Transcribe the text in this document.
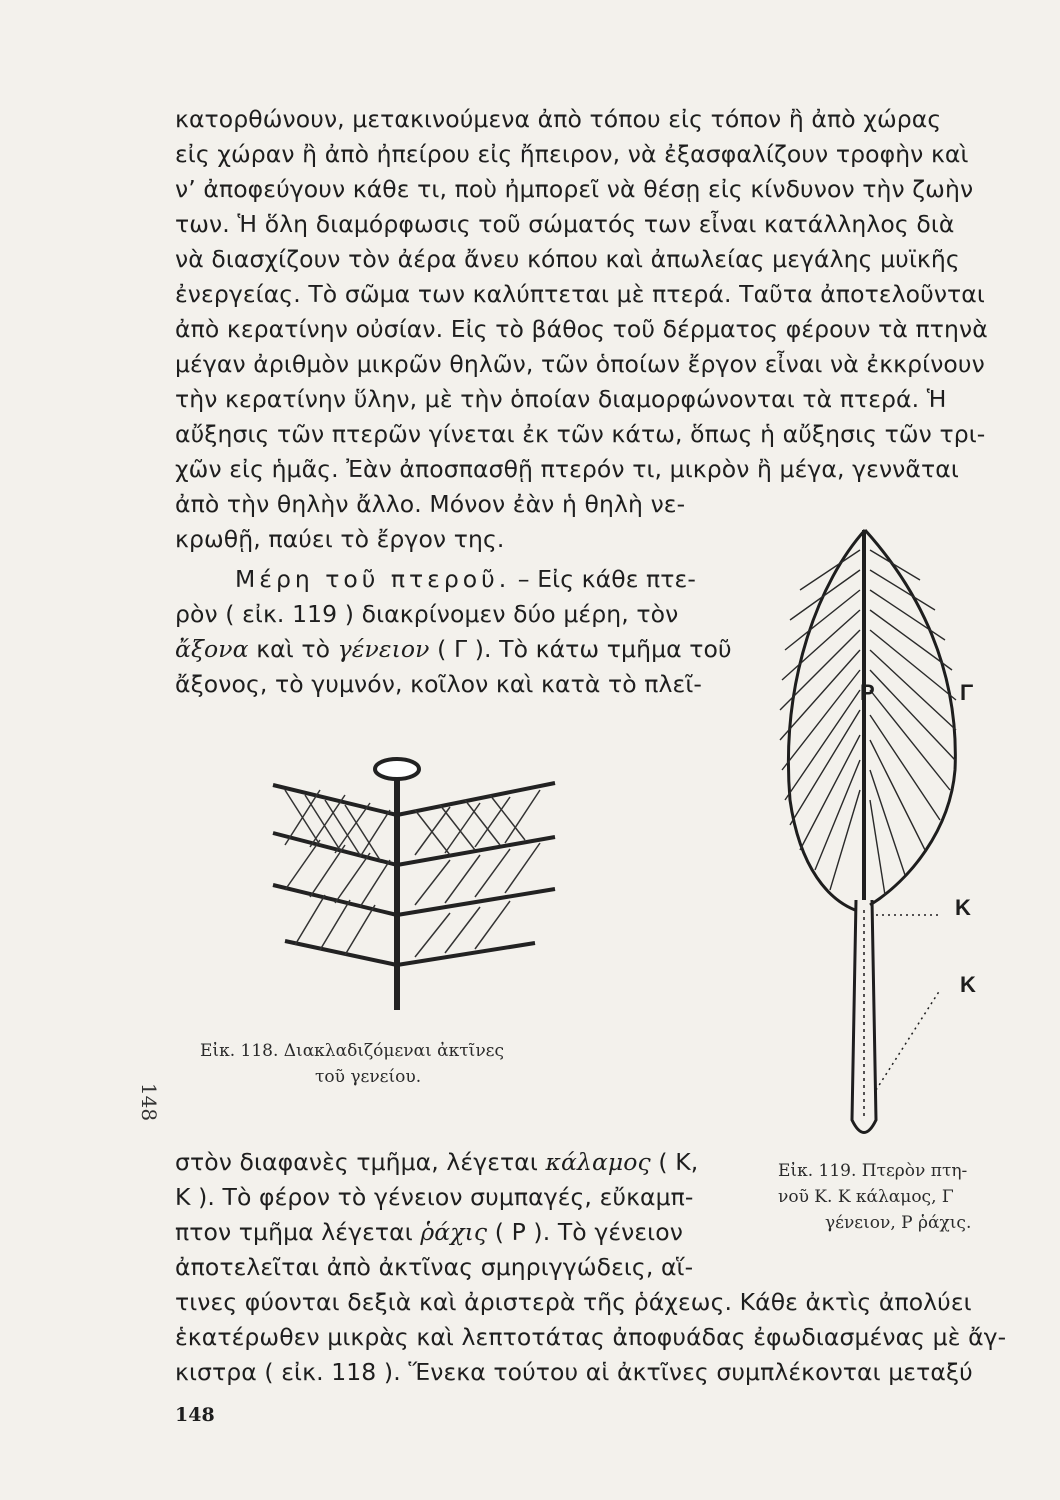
κατορθώνουν, μετακινούμενα ἀπὸ τόπου εἰς τόπον ἢ ἀπὸ χώρας
εἰς χώραν ἢ ἀπὸ ἠπείρου εἰς ἤπειρον, νὰ ἐξασφαλίζουν τροφὴν καὶ
ν’ ἀποφεύγουν κάθε τι, ποὺ ἠμπορεῖ νὰ θέσῃ εἰς κίνδυνον τὴν ζωὴν
των. Ἡ ὅλη διαμόρφωσις τοῦ σώματός των εἶναι κατάλληλος διὰ
νὰ διασχίζουν τὸν ἀέρα ἄνευ κόπου καὶ ἀπωλείας μεγάλης μυϊκῆς
ἐνεργείας. Τὸ σῶμα των καλύπτεται μὲ πτερά. Ταῦτα ἀποτελοῦνται
ἀπὸ κερατίνην οὐσίαν. Εἰς τὸ βάθος τοῦ δέρματος φέρουν τὰ πτηνὰ
μέγαν ἀριθμὸν μικρῶν θηλῶν, τῶν ὁποίων ἔργον εἶναι νὰ ἐκκρίνουν
τὴν κερατίνην ὕλην, μὲ τὴν ὁποίαν διαμορφώνονται τὰ πτερά. Ἡ
αὔξησις τῶν πτερῶν γίνεται ἐκ τῶν κάτω, ὅπως ἡ αὔξησις τῶν τρι-
χῶν εἰς ἡμᾶς. Ἐὰν ἀποσπασθῇ πτερόν τι, μικρὸν ἢ μέγα, γεννᾶται
ἀπὸ τὴν θηλὴν ἄλλο. Μόνον ἐὰν ἡ θηλὴ νε-
κρωθῇ, παύει τὸ ἔργον της.
Μέρη τοῦ πτεροῦ. – Εἰς κάθε πτε-
ρὸν ( εἰκ. 119 ) διακρίνομεν δύο μέρη, τὸν
ἄξονα καὶ τὸ γένειον ( Γ ). Τὸ κάτω τμῆμα τοῦ
ἄξονος, τὸ γυμνόν, κοῖλον καὶ κατὰ τὸ πλεῖ-
Εἰκ. 118. Διακλαδιζόμεναι ἀκτῖνες
τοῦ γενείου.
148
Ρ	Γ
Κ
Κ
Εἰκ. 119. Πτερὸν πτη-
νοῦ Κ. Κ κάλαμος, Γ
γένειον, Ρ ῥάχις.
στὸν διαφανὲς τμῆμα, λέγεται κάλαμος ( Κ,
Κ ). Τὸ φέρον τὸ γένειον συμπαγές, εὔκαμπ-
πτον τμῆμα λέγεται ῥάχις ( Ρ ). Τὸ γένειον
ἀποτελεῖται ἀπὸ ἀκτῖνας σμηριγγώδεις, αἵ-
τινες φύονται δεξιὰ καὶ ἀριστερὰ τῆς ῥάχεως. Κάθε ἀκτὶς ἀπολύει
ἑκατέρωθεν μικρὰς καὶ λεπτοτάτας ἀποφυάδας ἐφωδιασμένας μὲ ἄγ-
κιστρα ( εἰκ. 118 ). Ἕνεκα τούτου αἱ ἀκτῖνες συμπλέκονται μεταξύ
148
